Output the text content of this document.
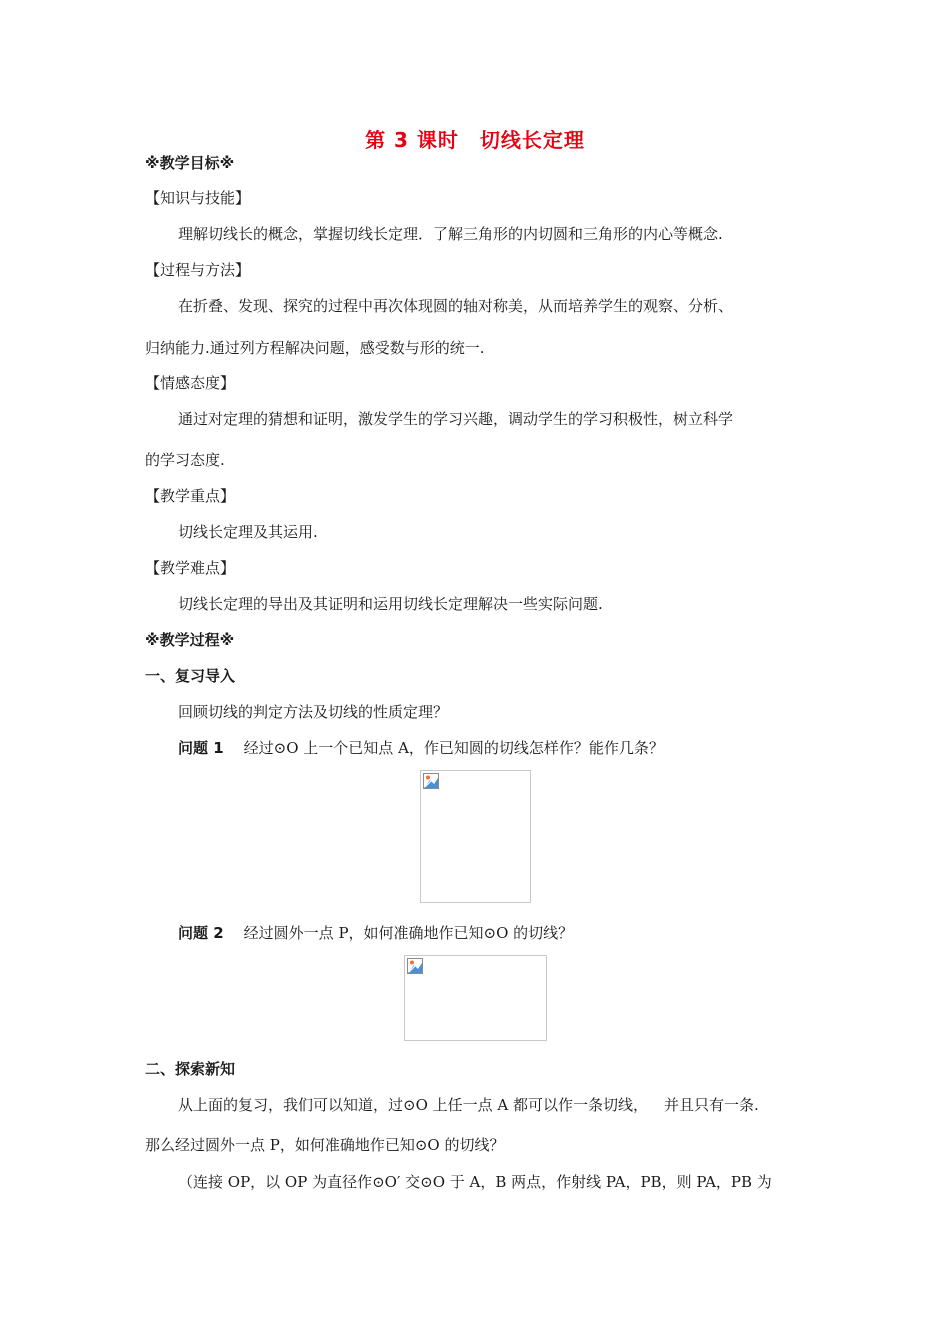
第 3 课时　切线长定理
※教学目标※
【知识与技能】
理解切线长的概念，掌握切线长定理．了解三角形的内切圆和三角形的内心等概念.
【过程与方法】
在折叠、发现、探究的过程中再次体现圆的轴对称美，从而培养学生的观察、分析、
归纳能力.通过列方程解决问题，感受数与形的统一.
【情感态度】
通过对定理的猜想和证明，激发学生的学习兴趣，调动学生的学习积极性，树立科学
的学习态度.
【教学重点】
切线长定理及其运用.
【教学难点】
切线长定理的导出及其证明和运用切线长定理解决一些实际问题.
※教学过程※
一、复习导入
回顾切线的判定方法及切线的性质定理？
问题 1 经过⊙O 上一个已知点 A，作已知圆的切线怎样作？能作几条？
问题 2 经过圆外一点 P，如何准确地作已知⊙O 的切线？
二、探索新知
从上面的复习，我们可以知道，过⊙O 上任一点 A 都可以作一条切线， 并且只有一条.
那么经过圆外一点 P，如何准确地作已知⊙O 的切线？
（连接 OP，以 OP 为直径作⊙O′ 交⊙O 于 A，B 两点，作射线 PA，PB，则 PA，PB 为
